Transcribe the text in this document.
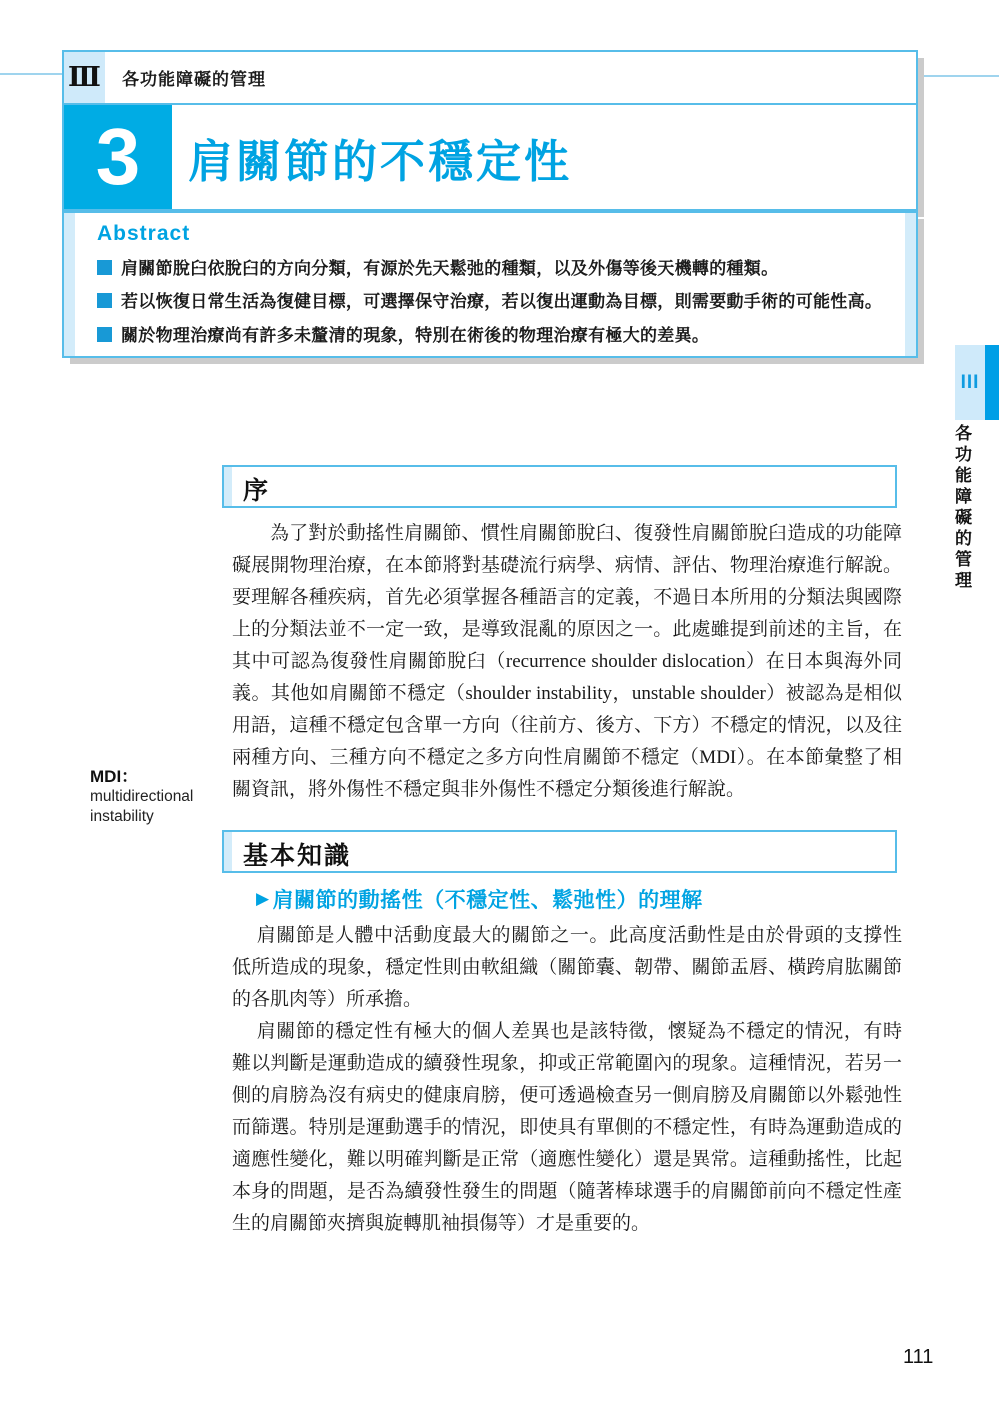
Ⅲ	各功能障礙的管理
3	肩關節的不穩定性
Abstract
肩關節脫臼依脫臼的方向分類，有源於先天鬆弛的種類，以及外傷等後天機轉的種類。
若以恢復日常生活為復健目標，可選擇保守治療，若以復出運動為目標，則需要動手術的可能性高。
關於物理治療尚有許多未釐清的現象，特別在術後的物理治療有極大的差異。
III
各功能障礙的管理
序
為了對於動搖性肩關節、慣性肩關節脫臼、復發性肩關節脫臼造成的功能障礙展開物理治療，在本節將對基礎流行病學、病情、評估、物理治療進行解說。要理解各種疾病，首先必須掌握各種語言的定義，不過日本所用的分類法與國際上的分類法並不一定一致，是導致混亂的原因之一。此處雖提到前述的主旨，在其中可認為復發性肩關節脫臼（recurrence shoulder dislocation）在日本與海外同義。其他如肩關節不穩定（shoulder instability，unstable shoulder）被認為是相似用語，這種不穩定包含單一方向（往前方、後方、下方）不穩定的情況，以及往兩種方向、三種方向不穩定之多方向性肩關節不穩定（MDI）。在本節彙整了相關資訊，將外傷性不穩定與非外傷性不穩定分類後進行解說。
MDI：
multidirectional
instability
基本知識
▶ 肩關節的動搖性（不穩定性、鬆弛性）的理解
肩關節是人體中活動度最大的關節之一。此高度活動性是由於骨頭的支撐性低所造成的現象，穩定性則由軟組織（關節囊、韌帶、關節盂唇、橫跨肩肱關節的各肌肉等）所承擔。
肩關節的穩定性有極大的個人差異也是該特徵，懷疑為不穩定的情況，有時難以判斷是運動造成的續發性現象，抑或正常範圍內的現象。這種情況，若另一側的肩膀為沒有病史的健康肩膀，便可透過檢查另一側肩膀及肩關節以外鬆弛性而篩選。特別是運動選手的情況，即使具有單側的不穩定性，有時為運動造成的適應性變化，難以明確判斷是正常（適應性變化）還是異常。這種動搖性，比起本身的問題，是否為續發性發生的問題（隨著棒球選手的肩關節前向不穩定性產生的肩關節夾擠與旋轉肌袖損傷等）才是重要的。
111
